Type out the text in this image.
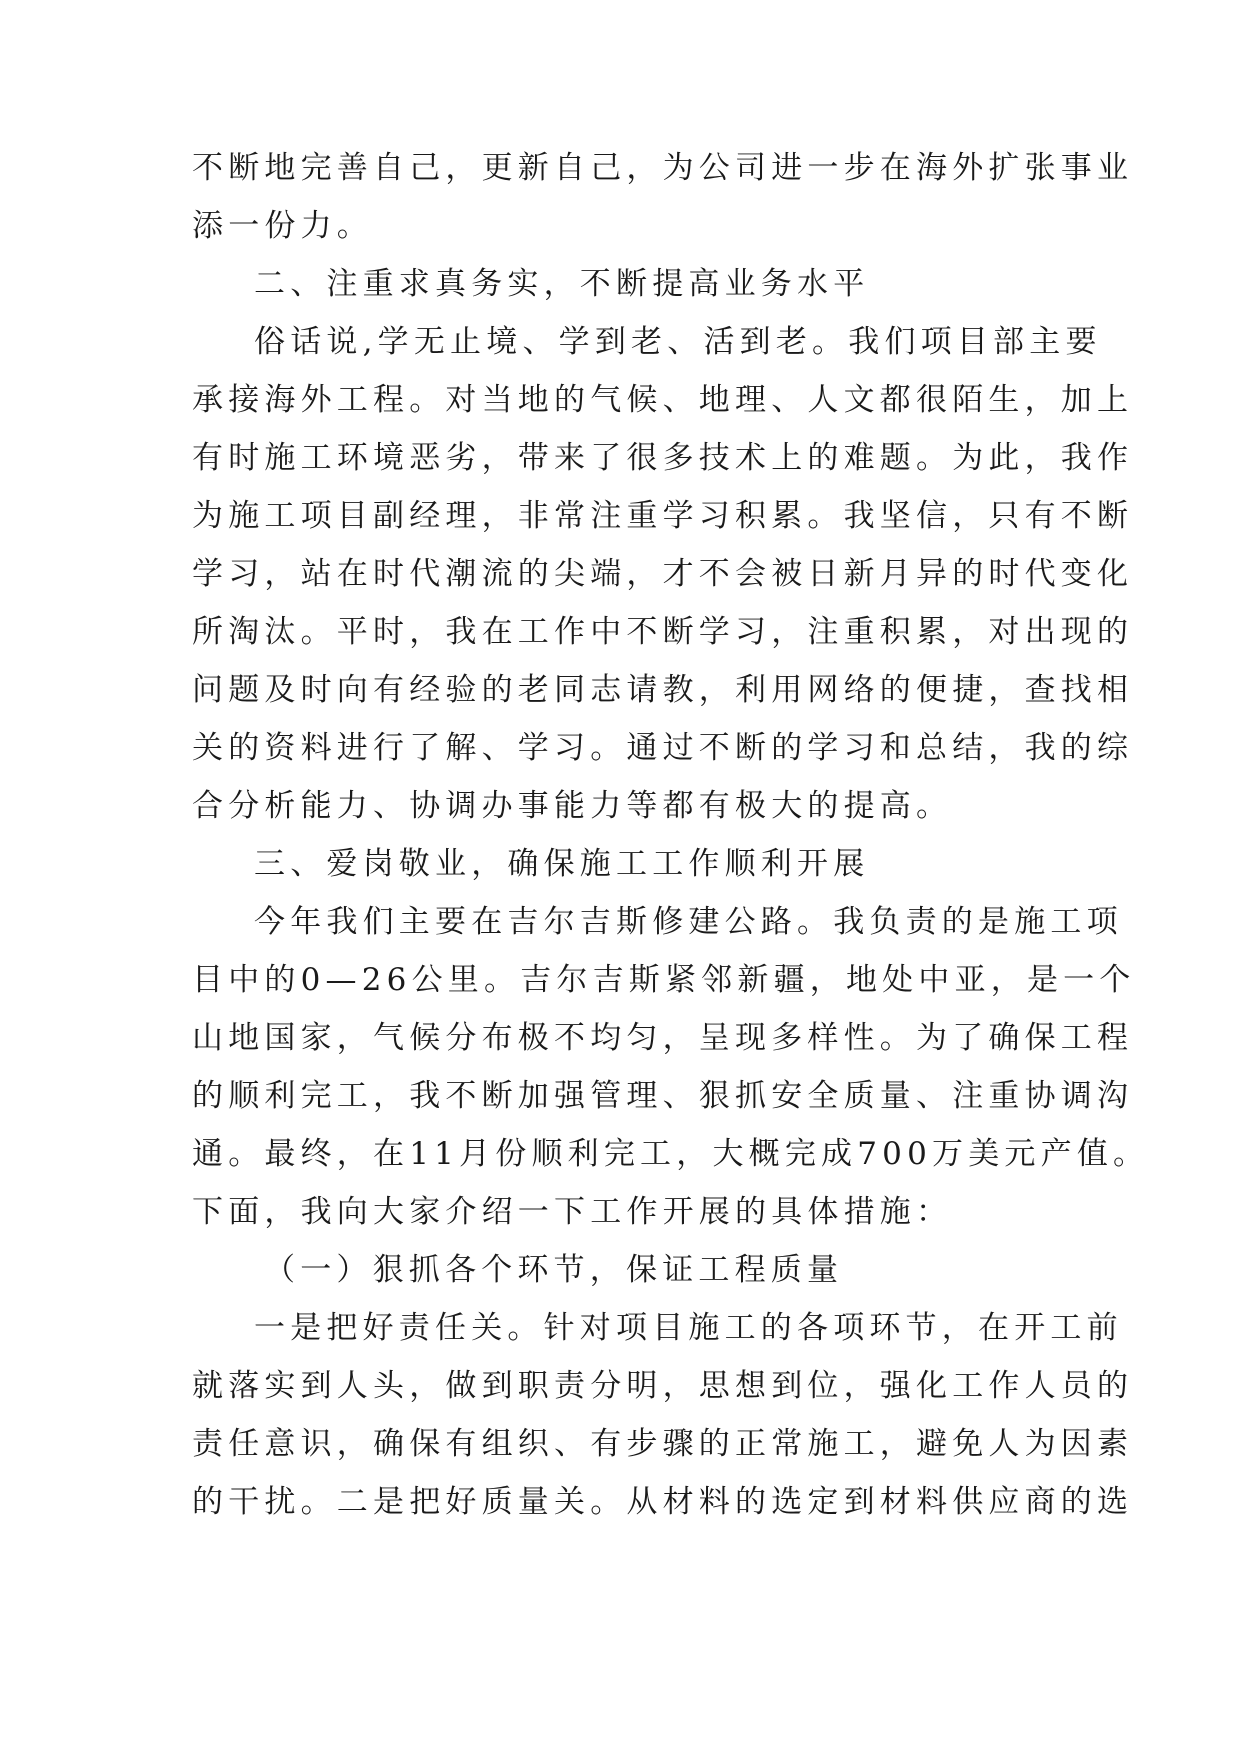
不断地完善自己，更新自己，为公司进一步在海外扩张事业
添一份力。
二、注重求真务实，不断提高业务水平
俗话说,学无止境、学到老、活到老。我们项目部主要
承接海外工程。对当地的气候、地理、人文都很陌生，加上
有时施工环境恶劣，带来了很多技术上的难题。为此，我作
为施工项目副经理，非常注重学习积累。我坚信，只有不断
学习，站在时代潮流的尖端，才不会被日新月异的时代变化
所淘汰。平时，我在工作中不断学习，注重积累，对出现的
问题及时向有经验的老同志请教，利用网络的便捷，查找相
关的资料进行了解、学习。通过不断的学习和总结，我的综
合分析能力、协调办事能力等都有极大的提高。
三、爱岗敬业，确保施工工作顺利开展
今年我们主要在吉尔吉斯修建公路。我负责的是施工项
目中的0—26公里。吉尔吉斯紧邻新疆，地处中亚，是一个
山地国家，气候分布极不均匀，呈现多样性。为了确保工程
的顺利完工，我不断加强管理、狠抓安全质量、注重协调沟
通。最终，在11月份顺利完工，大概完成700万美元产值。
下面，我向大家介绍一下工作开展的具体措施：
（一）狠抓各个环节，保证工程质量
一是把好责任关。针对项目施工的各项环节，在开工前
就落实到人头，做到职责分明，思想到位，强化工作人员的
责任意识，确保有组织、有步骤的正常施工，避免人为因素
的干扰。二是把好质量关。从材料的选定到材料供应商的选
